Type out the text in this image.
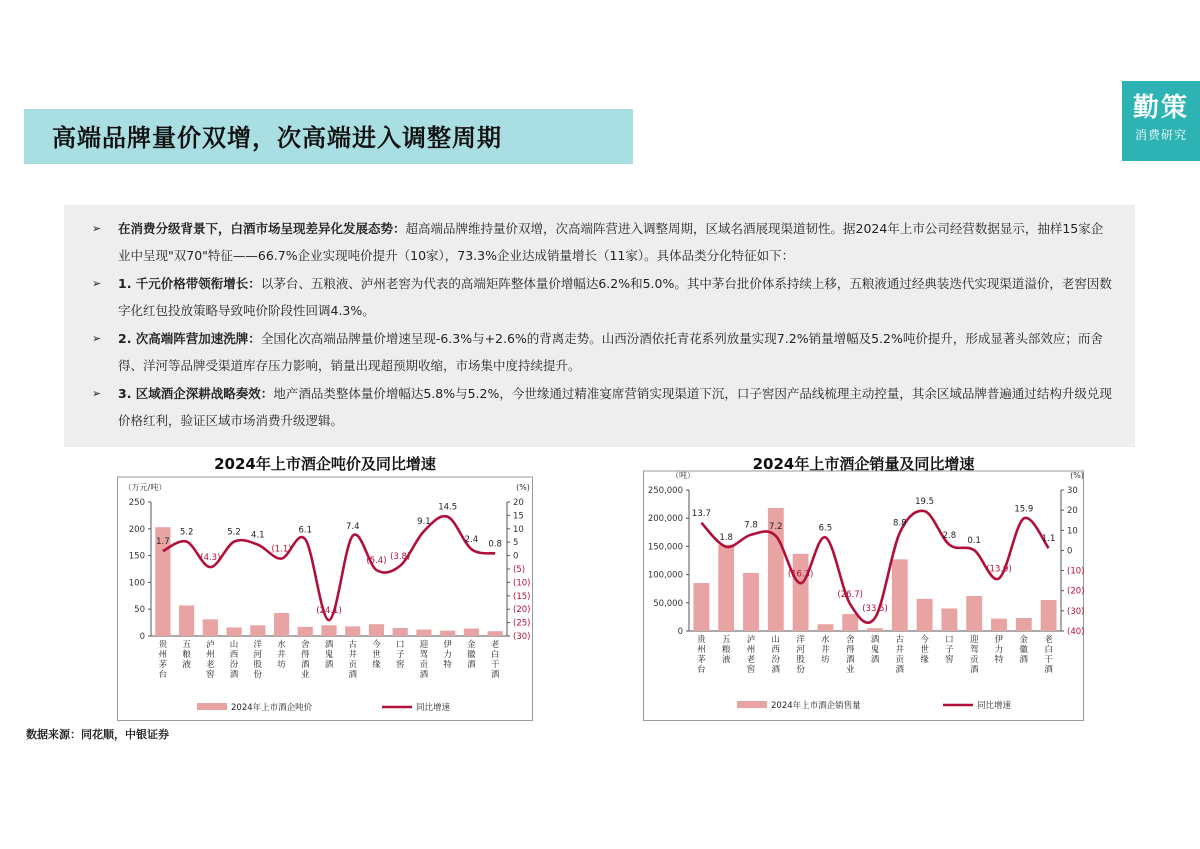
高端品牌量价双增，次高端进入调整周期
勤策
消费研究
➢	在消费分级背景下，白酒市场呈现差异化发展态势：超高端品牌维持量价双增，次高端阵营进入调整周期，区域名酒展现渠道韧性。据2024年上市公司经营数据显示，抽样15家企业中呈现"双70"特征——66.7%企业实现吨价提升（10家），73.3%企业达成销量增长（11家）。具体品类分化特征如下：
➢	1. 千元价格带领衔增长：以茅台、五粮液、泸州老窖为代表的高端矩阵整体量价增幅达6.2%和5.0%。其中茅台批价体系持续上移，五粮液通过经典装迭代实现渠道溢价，老窖因数字化红包投放策略导致吨价阶段性回调4.3%。
➢	2. 次高端阵营加速洗牌：全国化次高端品牌量价增速呈现-6.3%与+2.6%的背离走势。山西汾酒依托青花系列放量实现7.2%销量增幅及5.2%吨价提升，形成显著头部效应；而舍得、洋河等品牌受渠道库存压力影响，销量出现超预期收缩，市场集中度持续提升。
➢	3. 区域酒企深耕战略奏效：地产酒品类整体量价增幅达5.8%与5.2%，今世缘通过精准宴席营销实现渠道下沉，口子窖因产品线梳理主动控量，其余区域品牌普遍通过结构升级兑现价格红利，验证区域市场消费升级逻辑。
2024年上市酒企吨价及同比增速
（万元/吨）	(%)
0
50
100
150
200
250	20
15
10
5
0
(5)
(10)
(15)
(20)
(25)
(30)
1.7
5.2
(4.3)
5.2 4.1
(1.1)
6.1
(24.1)
7.4
(5.4) (3.8)
9.1
14.5
2.4 0.8
贵州茅台
五粮液
泸州老窖
山西汾酒
洋河股份
水井坊
舍得酒业
酒鬼酒
古井贡酒
今世缘
口子窖
迎驾贡酒
伊力特
金徽酒
老白干酒
2024年上市酒企吨价	同比增速
2024年上市酒企销量及同比增速
（吨）	(%)
0
50,000
100,000
150,000
200,000
250,000	30
20
10
0
(10)
(20)
(30)
(40)
13.7
1.8
7.8 7.2
(16.3)
6.5
(26.7)
(33.5)
8.8
19.5
2.8
0.1
(13.9)
15.9
1.1
贵州茅台
五粮液
泸州老窖
山西汾酒
洋河股份
水井坊
舍得酒业
酒鬼酒
古井贡酒
今世缘
口子窖
迎驾贡酒
伊力特
金徽酒
老白干酒
2024年上市酒企销售量	同比增速
数据来源：同花顺，中银证券
